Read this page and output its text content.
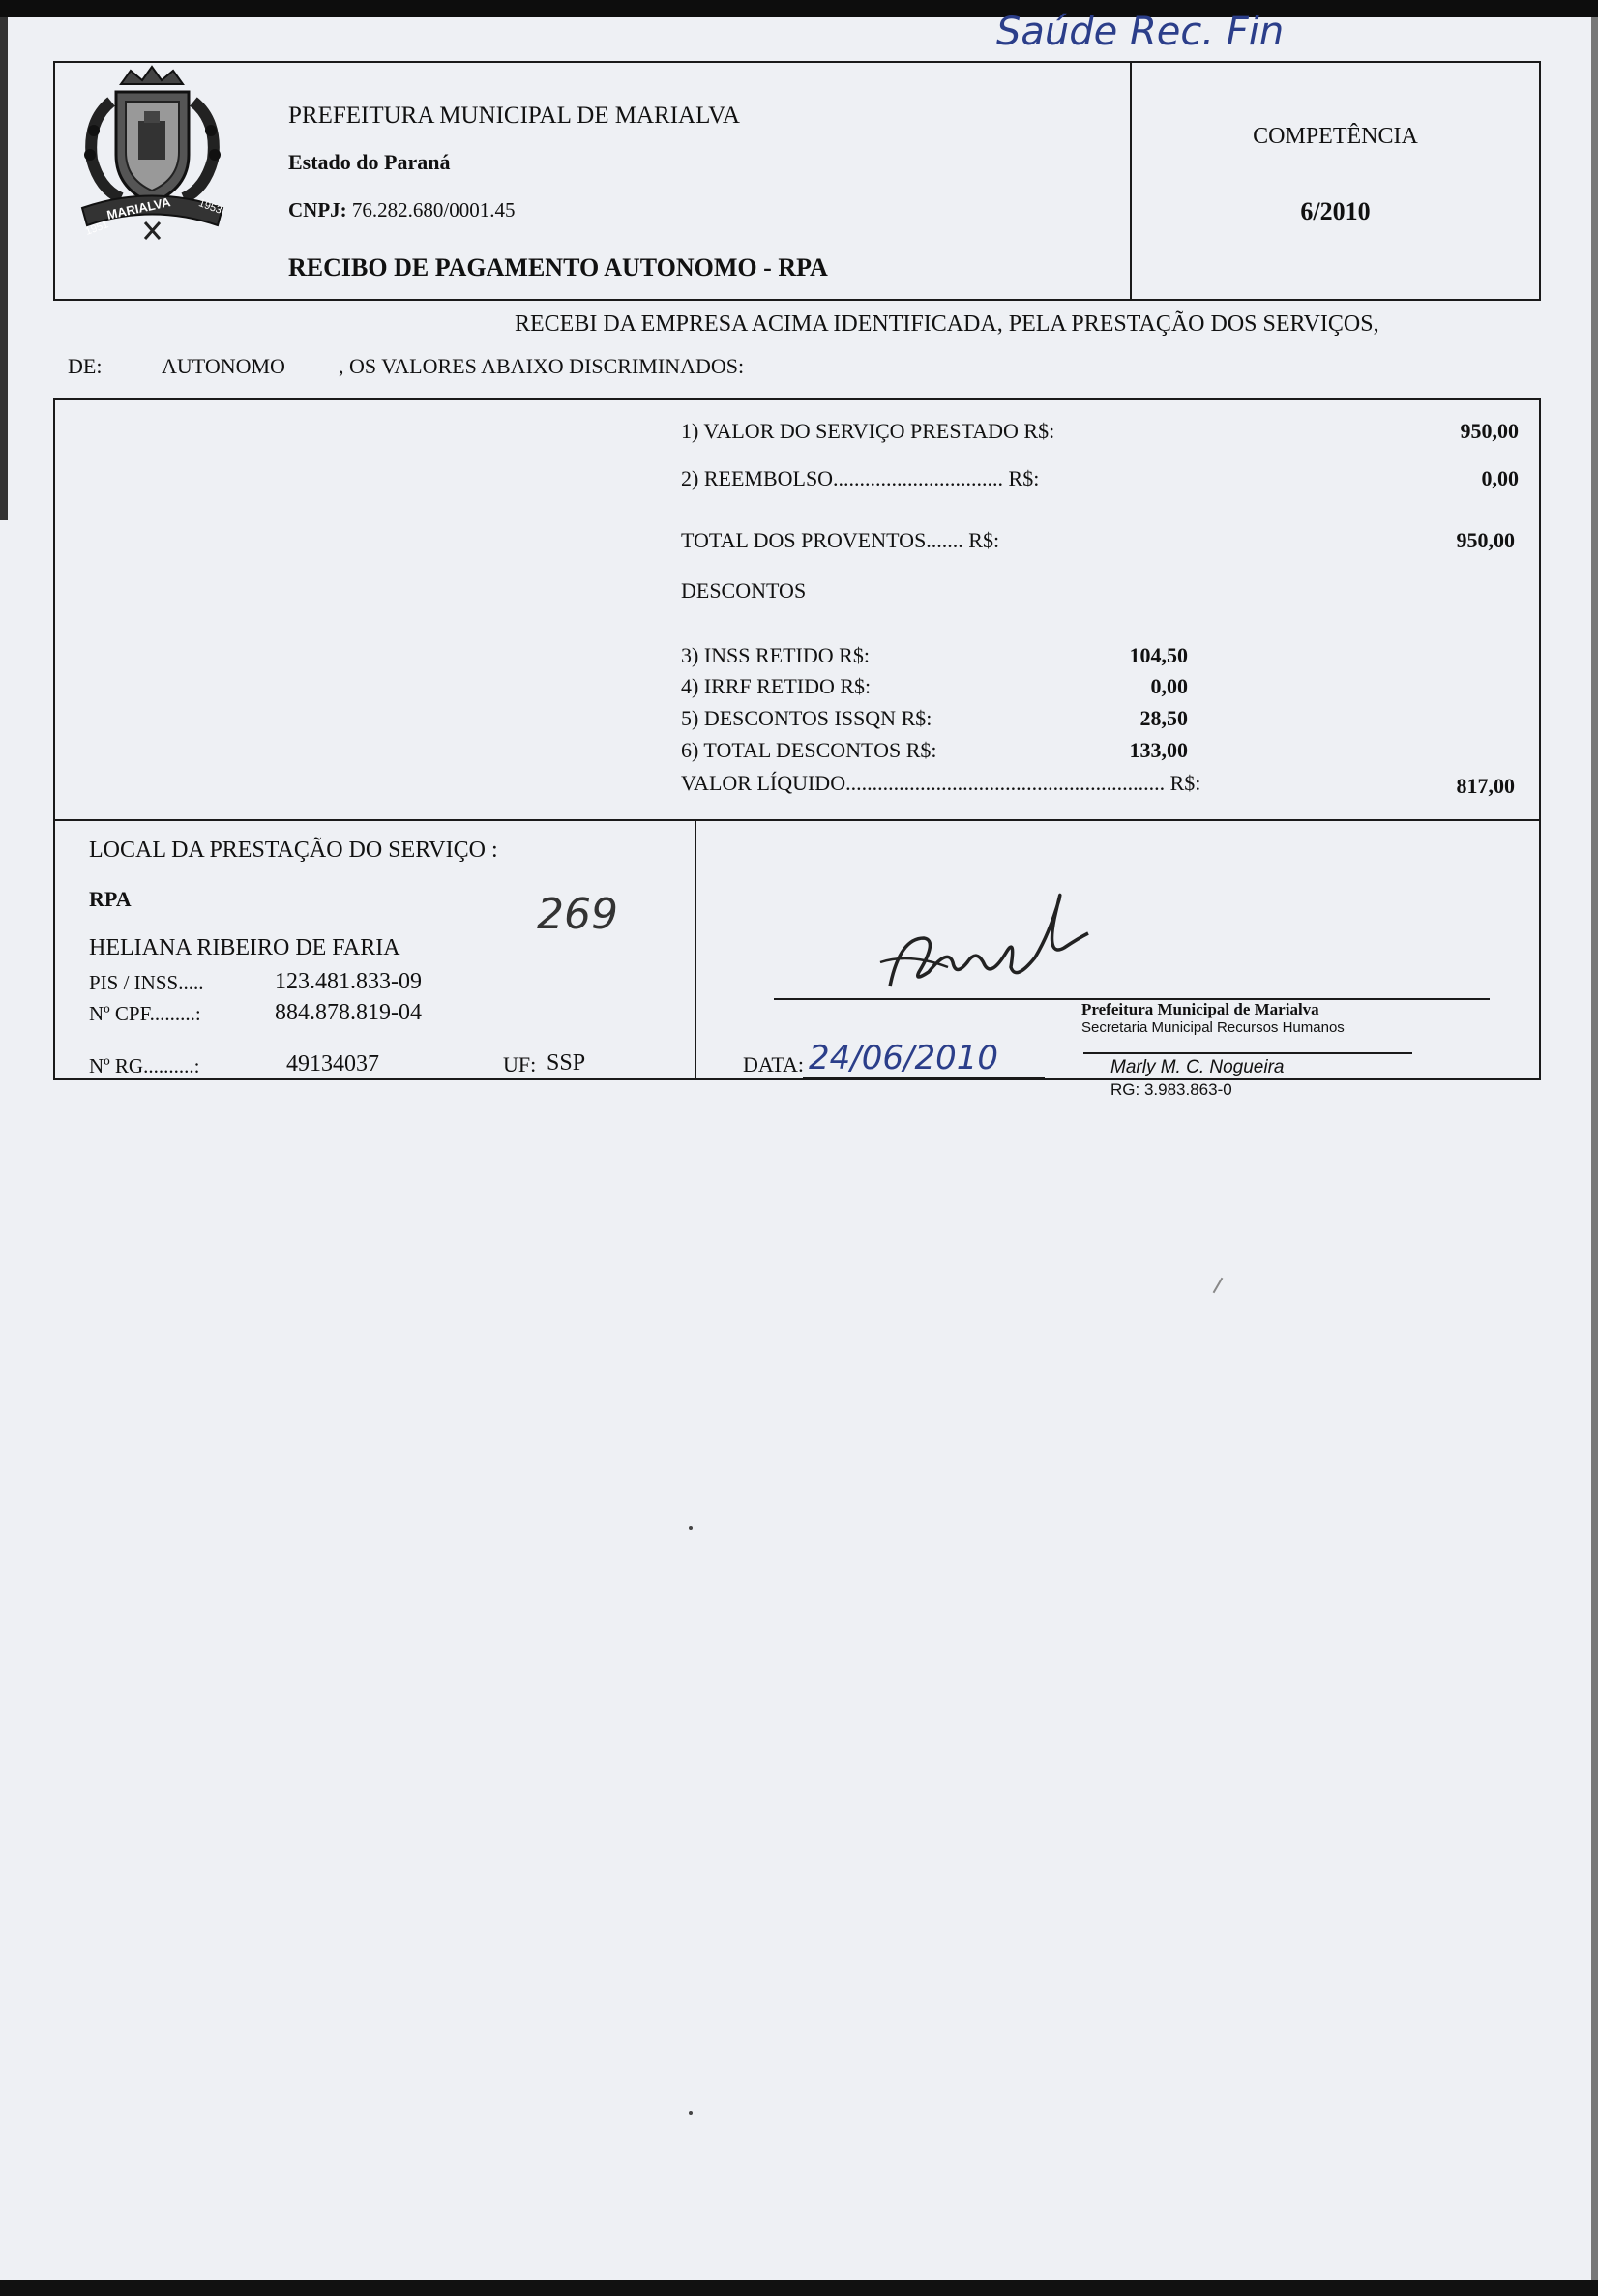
Saúde Rec. Fin
MARIALVA
1951
1953
PREFEITURA MUNICIPAL DE MARIALVA
Estado do Paraná
CNPJ: 76.282.680/0001.45
RECIBO DE PAGAMENTO AUTONOMO - RPA
COMPETÊNCIA
6/2010
RECEBI DA EMPRESA ACIMA IDENTIFICADA, PELA PRESTAÇÃO DOS SERVIÇOS,
DE:	AUTONOMO	, OS VALORES ABAIXO DISCRIMINADOS:
1) VALOR DO SERVIÇO PRESTADO R$:	950,00
2) REEMBOLSO................................ R$:	0,00
TOTAL DOS PROVENTOS....... R$:	950,00
DESCONTOS
3) INSS RETIDO R$:	104,50
4) IRRF RETIDO R$:	0,00
5) DESCONTOS ISSQN R$:	28,50
6) TOTAL DESCONTOS R$:	133,00
VALOR LÍQUIDO............................................................ R$:	817,00
LOCAL DA PRESTAÇÃO DO SERVIÇO :
RPA	269
HELIANA RIBEIRO DE FARIA
PIS / INSS.....	123.481.833-09
Nº CPF.........:	884.878.819-04
Nº RG..........:	49134037	UF: SSP
Prefeitura Municipal de Marialva
Secretaria Municipal Recursos Humanos
Marly M. C. Nogueira
RG: 3.983.863-0
DATA: 24/06/2010
